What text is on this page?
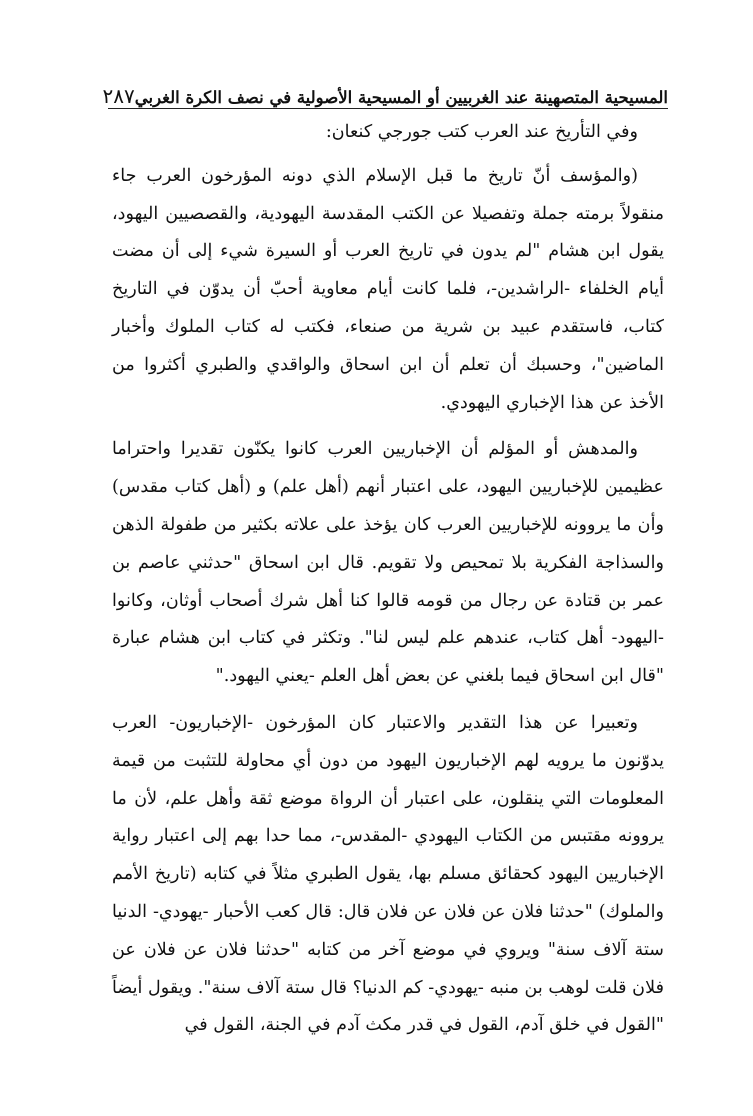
المسيحية المتصهينة عند الغربيين أو المسيحية الأصولية في نصف الكرة الغربي
٢٨٧

وفي التأريخ عند العرب كتب جورجي كنعان:

(والمؤسف أنّ تاريخ ما قبل الإسلام الذي دونه المؤرخون العرب جاء منقولاً برمته جملة وتفصيلا عن الكتب المقدسة اليهودية، والقصصيين اليهود، يقول ابن هشام "لم يدون في تاريخ العرب أو السيرة شيء إلى أن مضت أيام الخلفاء -الراشدين-، فلما كانت أيام معاوية أحبّ أن يدوّن في التاريخ كتاب، فاستقدم عبيد بن شرية من صنعاء، فكتب له كتاب الملوك وأخبار الماضين"، وحسبك أن تعلم أن ابن اسحاق والواقدي والطبري أكثروا من الأخذ عن هذا الإخباري اليهودي.

والمدهش أو المؤلم أن الإخباريين العرب كانوا يكنّون تقديرا واحتراما عظيمين للإخباريين اليهود، على اعتبار أنهم (أهل علم) و (أهل كتاب مقدس) وأن ما يروونه للإخباريين العرب كان يؤخذ على علاته بكثير من طفولة الذهن والسذاجة الفكرية بلا تمحيص ولا تقويم. قال ابن اسحاق "حدثني عاصم بن عمر بن قتادة عن رجال من قومه قالوا كنا أهل شرك أصحاب أوثان، وكانوا -اليهود- أهل كتاب، عندهم علم ليس لنا". وتكثر في كتاب ابن هشام عبارة "قال ابن اسحاق فيما بلغني عن بعض أهل العلم -يعني اليهود."

وتعبيرا عن هذا التقدير والاعتبار كان المؤرخون -الإخباريون- العرب يدوّنون ما يرويه لهم الإخباريون اليهود من دون أي محاولة للتثبت من قيمة المعلومات التي ينقلون، على اعتبار أن الرواة موضع ثقة وأهل علم، لأن ما يروونه مقتبس من الكتاب اليهودي -المقدس-، مما حدا بهم إلى اعتبار رواية الإخباريين اليهود كحقائق مسلم بها، يقول الطبري مثلاً في كتابه (تاريخ الأمم والملوك) "حدثنا فلان عن فلان عن فلان قال: قال كعب الأحبار -يهودي- الدنيا ستة آلاف سنة" ويروي في موضع آخر من كتابه "حدثنا فلان عن فلان عن فلان قلت لوهب بن منبه -يهودي- كم الدنيا؟ قال ستة آلاف سنة". ويقول أيضاً "القول في خلق آدم، القول في قدر مكث آدم في الجنة، القول في
